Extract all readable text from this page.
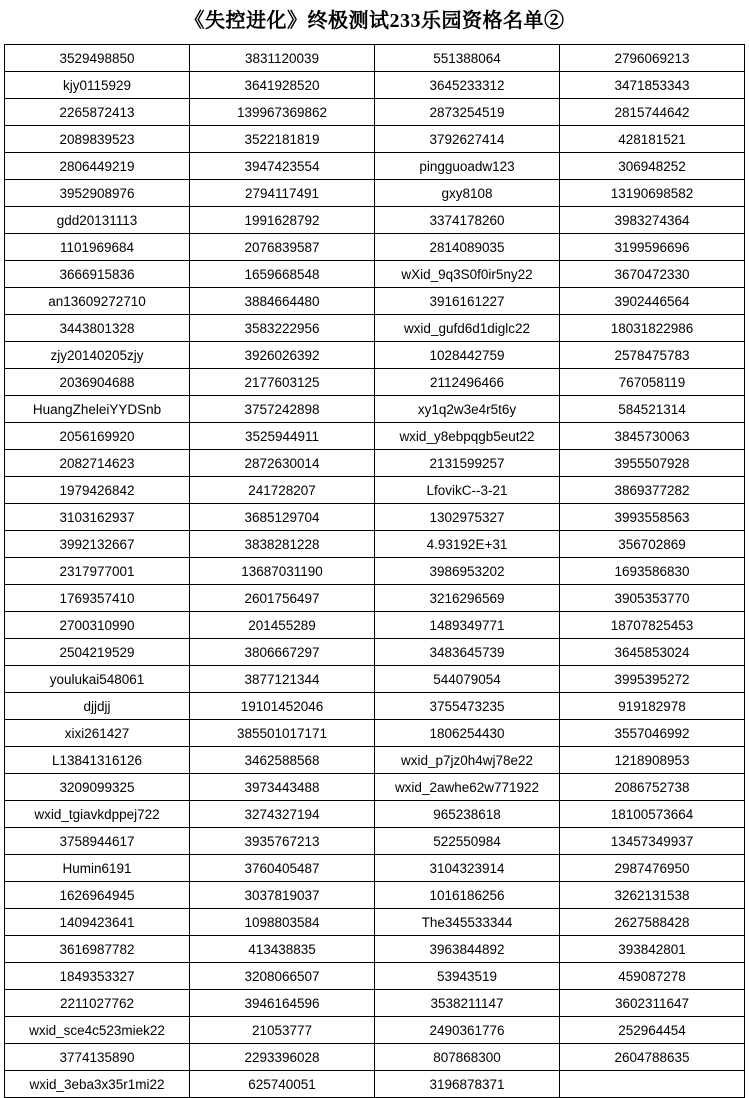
《失控进化》终极测试233乐园资格名单②
3529498850	3831120039	551388064	2796069213
kjy0115929	3641928520	3645233312	3471853343
2265872413	139967369862	2873254519	2815744642
2089839523	3522181819	3792627414	428181521
2806449219	3947423554	pingguoadw123	306948252
3952908976	2794117491	gxy8108	13190698582
gdd20131113	1991628792	3374178260	3983274364
1101969684	2076839587	2814089035	3199596696
3666915836	1659668548	wXid_9q3S0f0ir5ny22	3670472330
an13609272710	3884664480	3916161227	3902446564
3443801328	3583222956	wxid_gufd6d1diglc22	18031822986
zjy20140205zjy	3926026392	1028442759	2578475783
2036904688	2177603125	2112496466	767058119
HuangZheleiYYDSnb	3757242898	xy1q2w3e4r5t6y	584521314
2056169920	3525944911	wxid_y8ebpqgb5eut22	3845730063
2082714623	2872630014	2131599257	3955507928
1979426842	241728207	LfovikC--3-21	3869377282
3103162937	3685129704	1302975327	3993558563
3992132667	3838281228	4.93192E+31	356702869
2317977001	13687031190	3986953202	1693586830
1769357410	2601756497	3216296569	3905353770
2700310990	201455289	1489349771	18707825453
2504219529	3806667297	3483645739	3645853024
youlukai548061	3877121344	544079054	3995395272
djjdjj	19101452046	3755473235	919182978
xixi261427	385501017171	1806254430	3557046992
L13841316126	3462588568	wxid_p7jz0h4wj78e22	1218908953
3209099325	3973443488	wxid_2awhe62w771922	2086752738
wxid_tgiavkdppej722	3274327194	965238618	18100573664
3758944617	3935767213	522550984	13457349937
Humin6191	3760405487	3104323914	2987476950
1626964945	3037819037	1016186256	3262131538
1409423641	1098803584	The345533344	2627588428
3616987782	413438835	3963844892	393842801
1849353327	3208066507	53943519	459087278
2211027762	3946164596	3538211147	3602311647
wxid_sce4c523miek22	21053777	2490361776	252964454
3774135890	2293396028	807868300	2604788635
wxid_3eba3x35r1mi22	625740051	3196878371	
